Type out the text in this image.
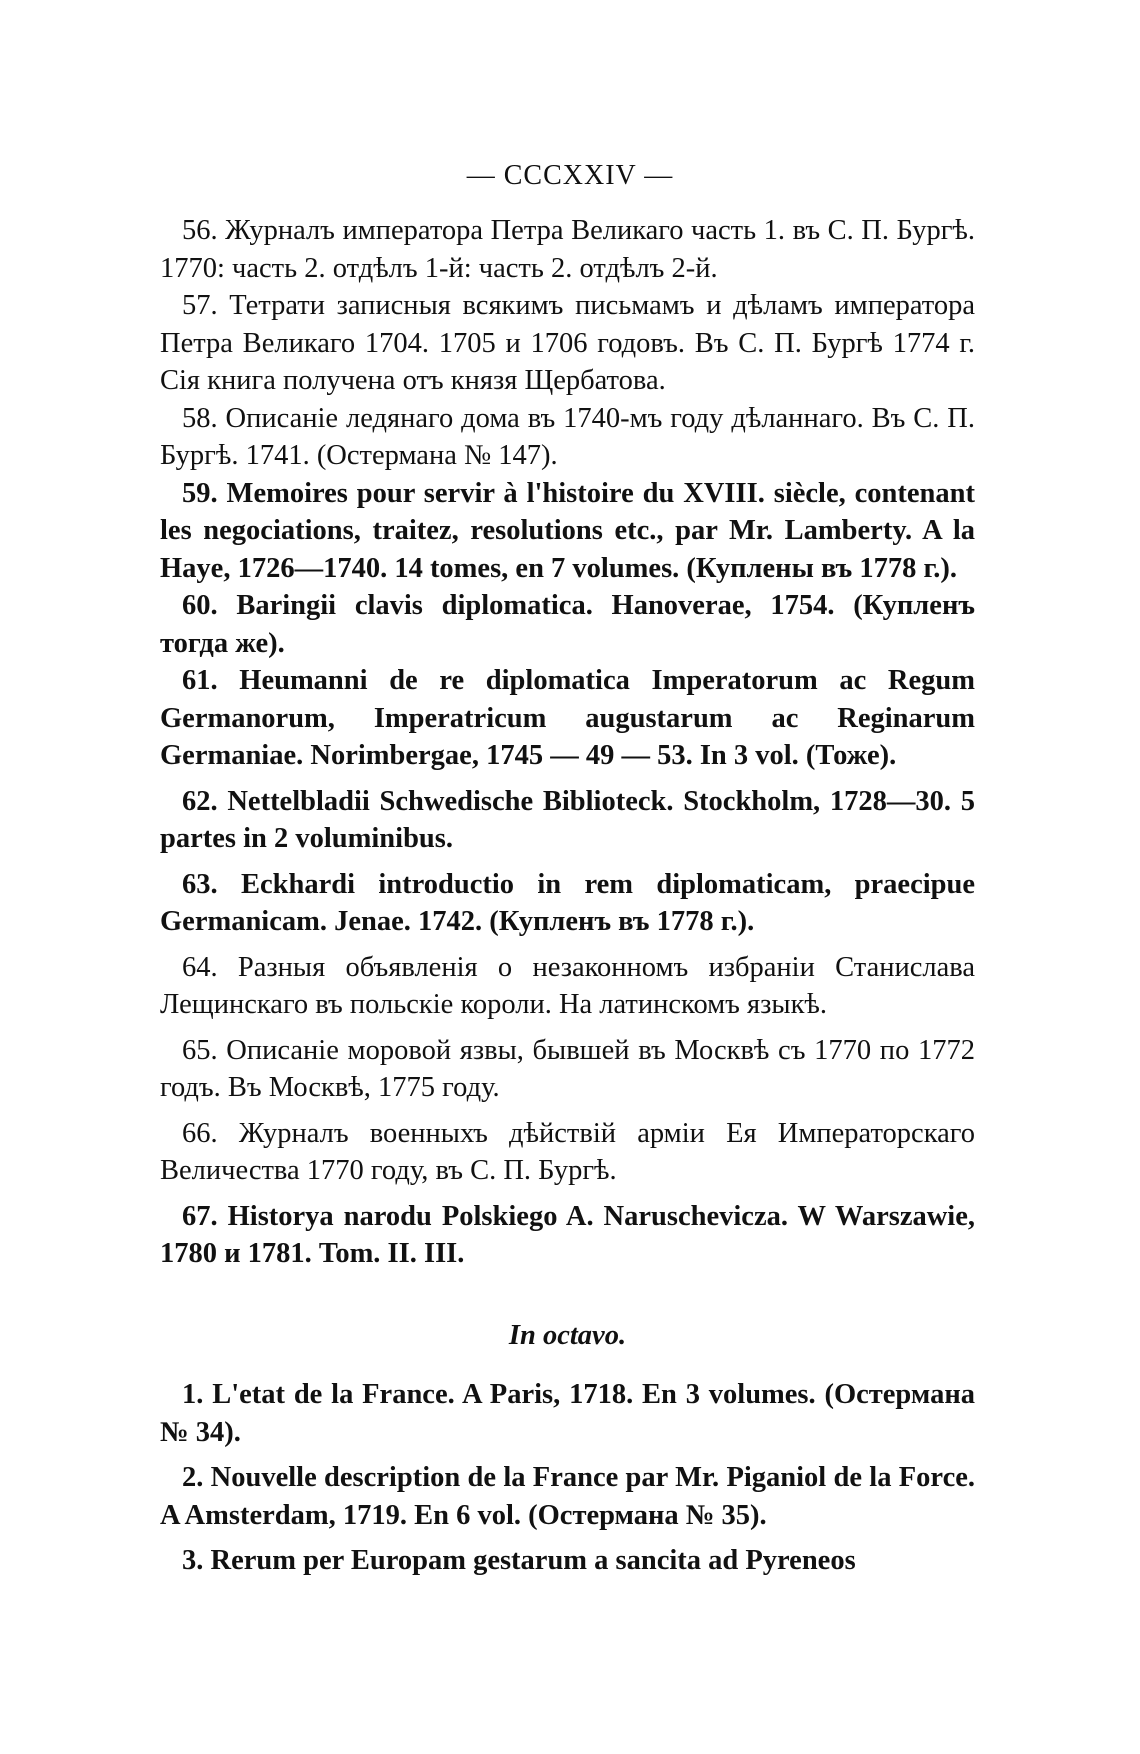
— CCCXXIV —

56. Журналъ императора Петра Великаго часть 1. въ С. П. Бургѣ. 1770: часть 2. отдѣлъ 1-й: часть 2. отдѣлъ 2-й.

57. Тетрати записныя всякимъ письмамъ и дѣламъ императора Петра Великаго 1704. 1705 и 1706 годовъ. Въ С. П. Бургѣ 1774 г. Сія книга получена отъ князя Щербатова.

58. Описаніе ледянаго дома въ 1740-мъ году дѣланнаго. Въ С. П. Бургѣ. 1741. (Остермана № 147).

59. Memoires pour servir à l'histoire du XVIII. siècle, contenant les negociations, traitez, resolutions etc., par Mr. Lamberty. A la Haye, 1726—1740. 14 tomes, en 7 volumes. (Куплены въ 1778 г.).

60. Baringii clavis diplomatica. Hanoverae, 1754. (Купленъ тогда же).

61. Heumanni de re diplomatica Imperatorum ac Regum Germanorum, Imperatricum augustarum ac Reginarum Germaniae. Norimbergae, 1745 — 49 — 53. In 3 vol. (Тоже).

62. Nettelbladii Schwedische Biblioteck. Stockholm, 1728—30. 5 partes in 2 voluminibus.

63. Eckhardi introductio in rem diplomaticam, praecipue Germanicam. Jenae. 1742. (Купленъ въ 1778 г.).

64. Разныя объявленія о незаконномъ избраніи Станислава Лещинскаго въ польскіе короли. На латинскомъ языкѣ.

65. Описаніе моровой язвы, бывшей въ Москвѣ съ 1770 по 1772 годъ. Въ Москвѣ, 1775 году.

66. Журналъ военныхъ дѣйствій арміи Ея Императорскаго Величества 1770 году, въ С. П. Бургѣ.

67. Historya narodu Polskiego A. Naruschevicza. W Warszawie, 1780 и 1781. Tom. II. III.

In octavo.

1. L'etat de la France. A Paris, 1718. En 3 volumes. (Остермана № 34).

2. Nouvelle description de la France par Mr. Piganiol de la Force. A Amsterdam, 1719. En 6 vol. (Остермана № 35).

3. Rerum per Europam gestarum a sancita ad Pyreneos
